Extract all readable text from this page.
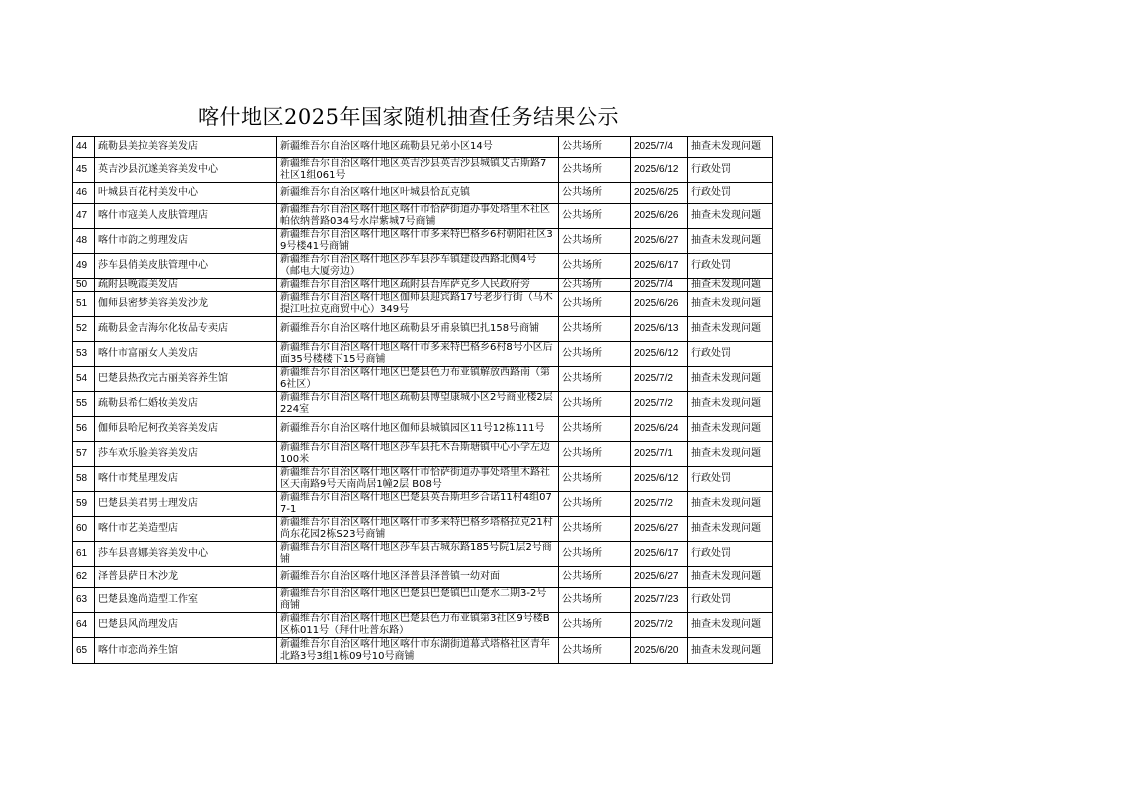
喀什地区2025年国家随机抽查任务结果公示
44	疏勒县美拉美容美发店	新疆维吾尔自治区喀什地区疏勒县兄弟小区14号	公共场所	2025/7/4	抽查未发现问题
45	英吉沙县沉遂美容美发中心	新疆维吾尔自治区喀什地区英吉沙县英吉沙县城镇艾古斯路7社区1组061号	公共场所	2025/6/12	行政处罚
46	叶城县百花村美发中心	新疆维吾尔自治区喀什地区叶城县恰瓦克镇	公共场所	2025/6/25	行政处罚
47	喀什市寇美人皮肤管理店	新疆维吾尔自治区喀什地区喀什市恰萨街道办事处塔里木社区帕依纳普路034号水岸紫城7号商铺	公共场所	2025/6/26	抽查未发现问题
48	喀什市韵之剪理发店	新疆维吾尔自治区喀什地区喀什市多来特巴格乡6村朝阳社区39号楼41号商铺	公共场所	2025/6/27	抽查未发现问题
49	莎车县俏美皮肤管理中心	新疆维吾尔自治区喀什地区莎车县莎车镇建设西路北侧4号（邮电大厦旁边）	公共场所	2025/6/17	行政处罚
50	疏附县晚霞美发店	新疆维吾尔自治区喀什地区疏附县吾库萨克乡人民政府旁	公共场所	2025/7/4	抽查未发现问题
51	伽师县密梦美容美发沙龙	新疆维吾尔自治区喀什地区伽师县迎宾路17号老步行街（马木提江吐拉克商贸中心）349号	公共场所	2025/6/26	抽查未发现问题
52	疏勒县金吉海尔化妆品专卖店	新疆维吾尔自治区喀什地区疏勒县牙甫泉镇巴扎158号商铺	公共场所	2025/6/13	抽查未发现问题
53	喀什市富丽女人美发店	新疆维吾尔自治区喀什地区喀什市多来特巴格乡6村8号小区后面35号楼楼下15号商铺	公共场所	2025/6/12	行政处罚
54	巴楚县热孜完古丽美容养生馆	新疆维吾尔自治区喀什地区巴楚县色力布亚镇解放西路南（第6社区）	公共场所	2025/7/2	抽查未发现问题
55	疏勒县希仁婚妆美发店	新疆维吾尔自治区喀什地区疏勒县博望康城小区2号商业楼2层224室	公共场所	2025/7/2	抽查未发现问题
56	伽师县哈尼柯孜美容美发店	新疆维吾尔自治区喀什地区伽师县城镇园区11号12栋111号	公共场所	2025/6/24	抽查未发现问题
57	莎车欢乐脸美容美发店	新疆维吾尔自治区喀什地区莎车县托木吾斯塘镇中心小学左边100米	公共场所	2025/7/1	抽查未发现问题
58	喀什市梵星理发店	新疆维吾尔自治区喀什地区喀什市恰萨街道办事处塔里木路社区天南路9号天南尚居1幢2层 B08号	公共场所	2025/6/12	行政处罚
59	巴楚县美君男士理发店	新疆维吾尔自治区喀什地区巴楚县英吾斯坦乡合诺11村4组077-1	公共场所	2025/7/2	抽查未发现问题
60	喀什市艺美造型店	新疆维吾尔自治区喀什地区喀什市多来特巴格乡塔格拉克21村尚东花园2栋S23号商铺	公共场所	2025/6/27	抽查未发现问题
61	莎车县喜娜美容美发中心	新疆维吾尔自治区喀什地区莎车县古城东路185号院1层2号商铺	公共场所	2025/6/17	行政处罚
62	泽普县萨日木沙龙	新疆维吾尔自治区喀什地区泽普县泽普镇一幼对面	公共场所	2025/6/27	抽查未发现问题
63	巴楚县逸尚造型工作室	新疆维吾尔自治区喀什地区巴楚县巴楚镇巴山楚水二期3-2号商铺	公共场所	2025/7/23	行政处罚
64	巴楚县风尚理发店	新疆维吾尔自治区喀什地区巴楚县色力布亚镇第3社区9号楼B区栋011号（拜什吐普东路）	公共场所	2025/7/2	抽查未发现问题
65	喀什市恋尚养生馆	新疆维吾尔自治区喀什地区喀什市东湖街道幕式塔格社区青年北路3号3组1栋09号10号商铺	公共场所	2025/6/20	抽查未发现问题
